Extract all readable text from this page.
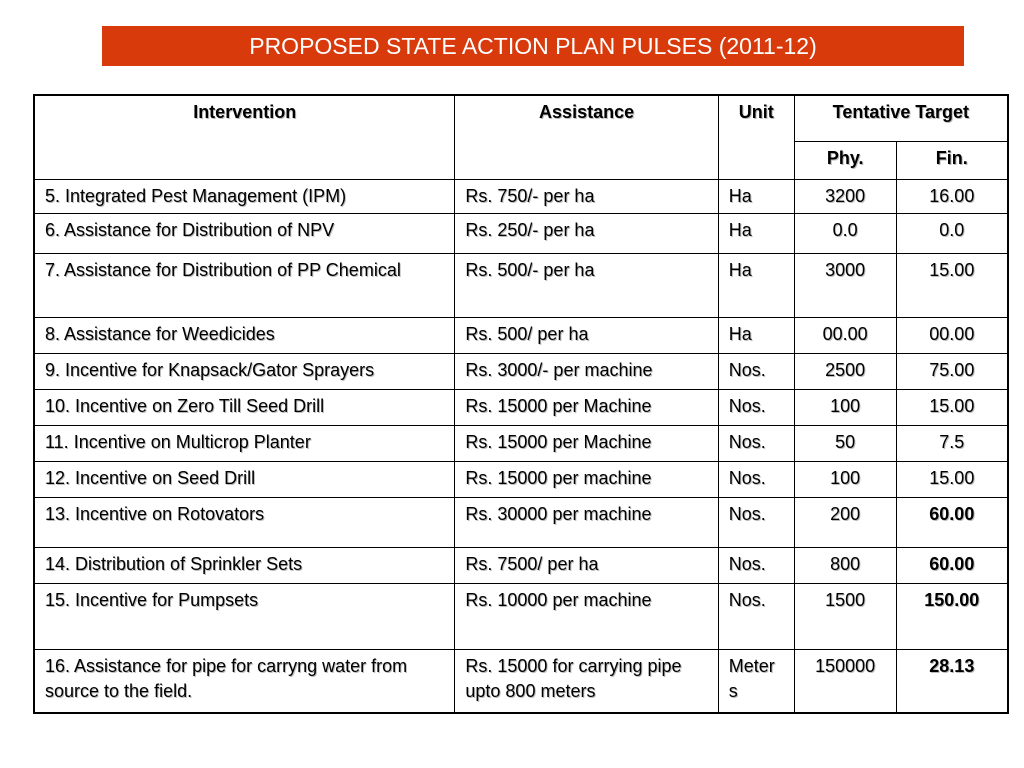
PROPOSED STATE ACTION PLAN PULSES (2011-12)
Intervention	Assistance	Unit	Tentative Target	
			Phy.	Fin.
5. Integrated Pest Management (IPM)	Rs. 750/- per ha	Ha	3200	16.00
6. Assistance for Distribution of NPV	Rs. 250/- per ha	Ha	0.0	0.0
7. Assistance for Distribution of PP Chemical	Rs. 500/- per ha	Ha	3000	15.00
8. Assistance for Weedicides	Rs. 500/ per ha	Ha	00.00	00.00
9. Incentive for Knapsack/Gator Sprayers	Rs. 3000/- per machine	Nos.	2500	75.00
10. Incentive on Zero Till Seed Drill	Rs. 15000 per Machine	Nos.	100	15.00
11. Incentive on Multicrop Planter	Rs. 15000 per Machine	Nos.	50	7.5
12. Incentive on Seed Drill	Rs. 15000 per machine	Nos.	100	15.00
13. Incentive on Rotovators	Rs. 30000 per machine	Nos.	200	60.00
14. Distribution of Sprinkler Sets	Rs. 7500/ per ha	Nos.	800	60.00
15. Incentive for Pumpsets	Rs. 10000 per machine	Nos.	1500	150.00
16. Assistance for pipe for carryng water from source to the field.	Rs. 15000 for carrying pipe upto 800 meters	Meters	150000	28.13
